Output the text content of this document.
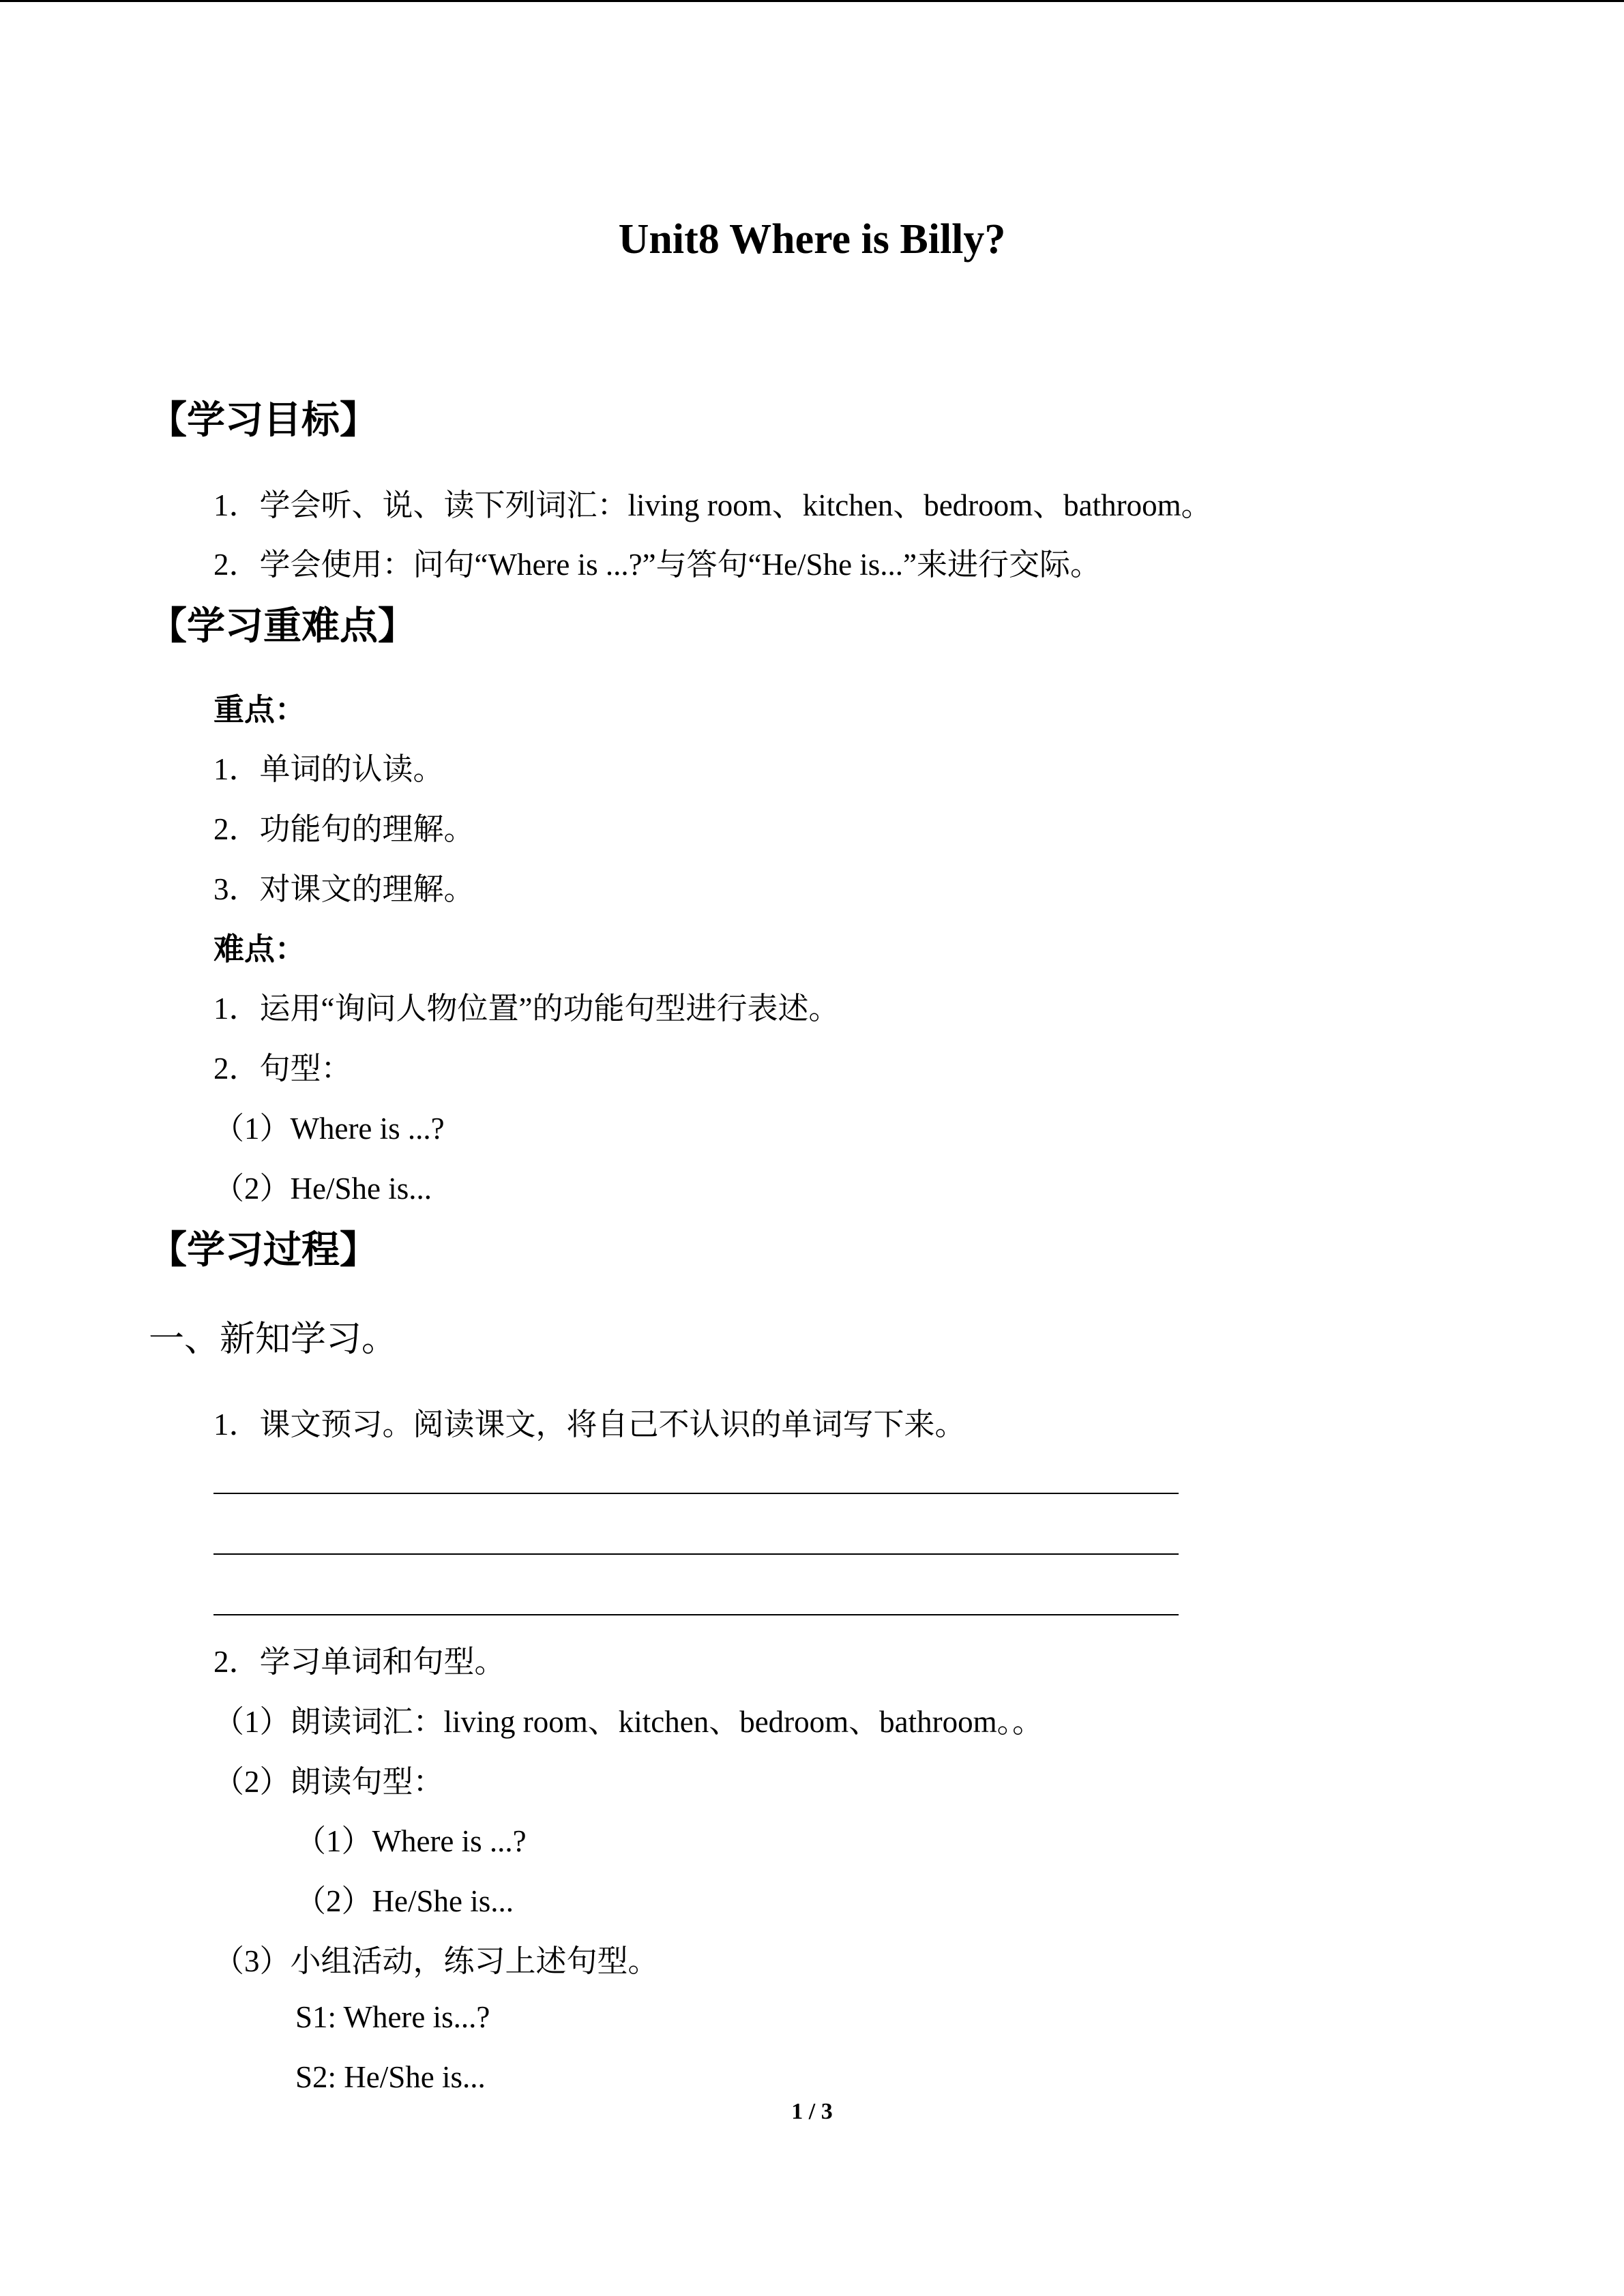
Unit8 Where is Billy?
【学习目标】
1．学会听、说、读下列词汇：living room、kitchen、bedroom、bathroom。
2．学会使用：问句“Where is ...?”与答句“He/She is...”来进行交际。
【学习重难点】
重点：
1．单词的认读。
2．功能句的理解。
3．对课文的理解。
难点：
1．运用“询问人物位置”的功能句型进行表述。
2．句型：
（1）Where is ...?
（2）He/She is...
【学习过程】
一、新知学习。
1．课文预习。阅读课文，将自己不认识的单词写下来。
2．学习单词和句型。
（1）朗读词汇：living room、kitchen、bedroom、bathroom。。
（2）朗读句型：
（1）Where is ...?
（2）He/She is...
（3）小组活动，练习上述句型。
S1: Where is...?
S2: He/She is...
1 / 3
